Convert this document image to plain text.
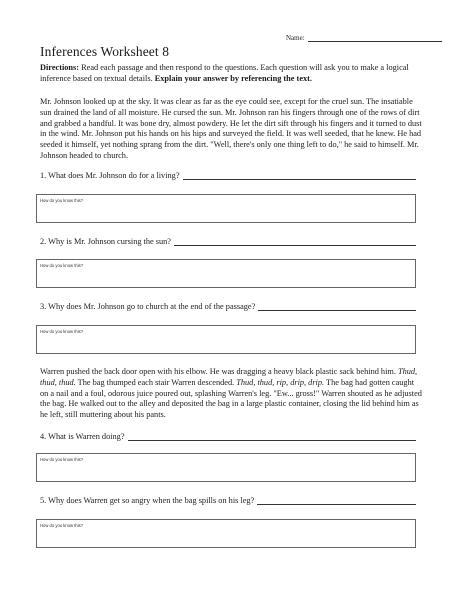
Name:
Inferences Worksheet 8
Directions: Read each passage and then respond to the questions. Each question will ask you to make a logical inference based on textual details. Explain your answer by referencing the text.
Mr. Johnson looked up at the sky. It was clear as far as the eye could see, except for the cruel sun. The insatiable sun drained the land of all moisture. He cursed the sun. Mr. Johnson ran his fingers through one of the rows of dirt and grabbed a handful. It was bone dry, almost powdery. He let the dirt sift through his fingers and it turned to dust in the wind. Mr. Johnson put his hands on his hips and surveyed the field. It was well seeded, that he knew. He had seeded it himself, yet nothing sprang from the dirt. "Well, there's only one thing left to do," he said to himself. Mr. Johnson headed to church.
1. What does Mr. Johnson do for a living?
How do you know this?
2. Why is Mr. Johnson cursing the sun?
How do you know this?
3. Why does Mr. Johnson go to church at the end of the passage?
How do you know this?
Warren pushed the back door open with his elbow. He was dragging a heavy black plastic sack behind him. Thud, thud, thud. The bag thumped each stair Warren descended. Thud, thud, rip, drip, drip. The bag had gotten caught on a nail and a foul, odorous juice poured out, splashing Warren's leg. "Ew... gross!" Warren shouted as he adjusted the bag. He walked out to the alley and deposited the bag in a large plastic container, closing the lid behind him as he left, still muttering about his pants.
4. What is Warren doing?
How do you know this?
5. Why does Warren get so angry when the bag spills on his leg?
How do you know this?
